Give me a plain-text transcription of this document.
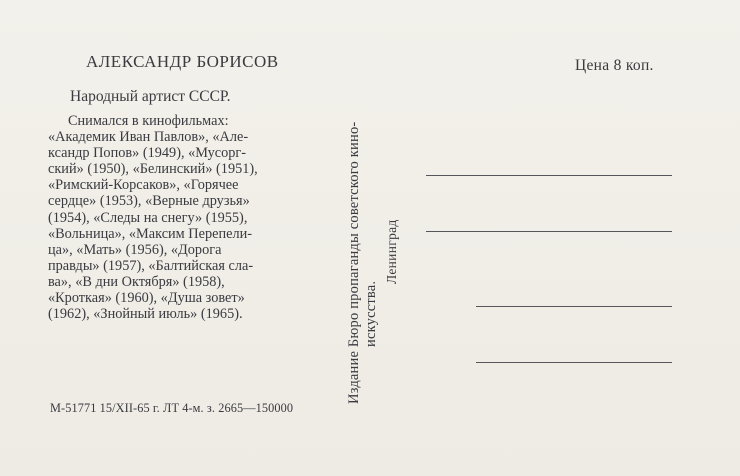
АЛЕКСАНДР БОРИСОВ
Народный артист СССР.
Снимался в кинофильмах:
«Академик Иван Павлов», «Але-
ксандр Попов» (1949), «Мусорг-
ский» (1950), «Белинский» (1951),
«Римский-Корсаков», «Горячее
сердце» (1953), «Верные друзья»
(1954), «Следы на снегу» (1955),
«Вольница», «Максим Перепели-
ца», «Мать» (1956), «Дорога
правды» (1957), «Балтийская сла-
ва», «В дни Октября» (1958),
«Кроткая» (1960), «Душа зовет»
(1962), «Знойный июль» (1965).
М-51771 15/XII-65 г. ЛТ 4-м. з. 2665—150000
Издание Бюро пропаганды советского кино- искусства.
Ленинград
Цена 8 коп.
